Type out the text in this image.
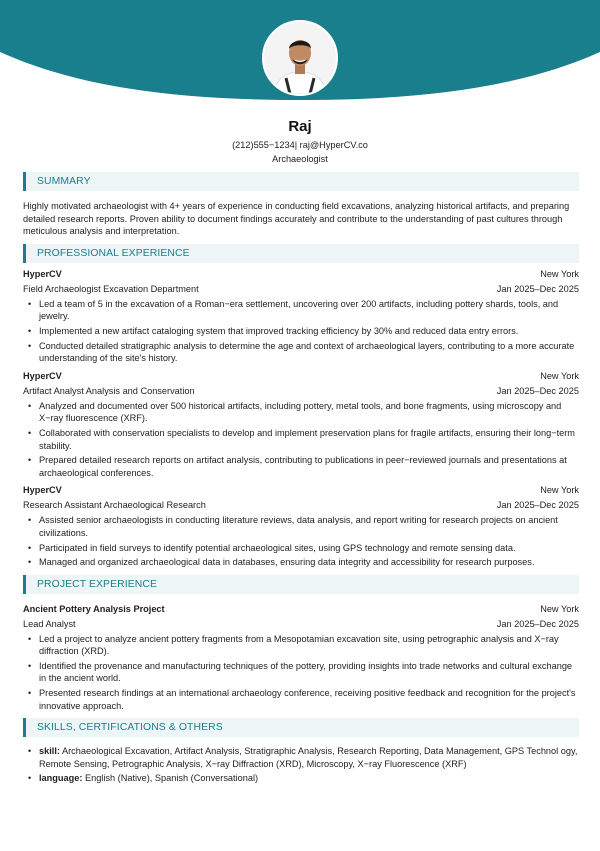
Raj
(212)555−1234| raj@HyperCV.co
Archaeologist
SUMMARY

Highly motivated archaeologist with 4+ years of experience in conducting field excavations, analyzing historical artifacts, and preparing detailed research reports. Proven ability to document findings accurately and contribute to the understanding of past cultures through meticulous analysis and interpretation.

PROFESSIONAL EXPERIENCE
HyperCV	New York
Field Archaeologist Excavation Department	Jan 2025–Dec 2025
• Led a team of 5 in the excavation of a Roman−era settlement, uncovering over 200 artifacts, including pottery shards, tools, and jewelry.
• Implemented a new artifact cataloging system that improved tracking efficiency by 30% and reduced data entry errors.
• Conducted detailed stratigraphic analysis to determine the age and context of archaeological layers, contributing to a more accurate understanding of the site's history.
HyperCV	New York
Artifact Analyst Analysis and Conservation	Jan 2025–Dec 2025
• Analyzed and documented over 500 historical artifacts, including pottery, metal tools, and bone fragments, using microscopy and X−ray fluorescence (XRF).
• Collaborated with conservation specialists to develop and implement preservation plans for fragile artifacts, ensuring their long−term stability.
• Prepared detailed research reports on artifact analysis, contributing to publications in peer−reviewed journals and presentations at archaeological conferences.
HyperCV	New York
Research Assistant Archaeological Research	Jan 2025–Dec 2025
• Assisted senior archaeologists in conducting literature reviews, data analysis, and report writing for research projects on ancient civilizations.
• Participated in field surveys to identify potential archaeological sites, using GPS technology and remote sensing data.
• Managed and organized archaeological data in databases, ensuring data integrity and accessibility for research purposes.
PROJECT EXPERIENCE
Ancient Pottery Analysis Project	New York
Lead Analyst	Jan 2025–Dec 2025
• Led a project to analyze ancient pottery fragments from a Mesopotamian excavation site, using petrographic analysis and X−ray diffraction (XRD).
• Identified the provenance and manufacturing techniques of the pottery, providing insights into trade networks and cultural exchange in the ancient world.
• Presented research findings at an international archaeology conference, receiving positive feedback and recognition for the project's innovative approach.
SKILLS, CERTIFICATIONS & OTHERS
• skill: Archaeological Excavation, Artifact Analysis, Stratigraphic Analysis, Research Reporting, Data Management, GPS Technol ogy, Remote Sensing, Petrographic Analysis, X−ray Diffraction (XRD), Microscopy, X−ray Fluorescence (XRF)
• language: English (Native), Spanish (Conversational)
